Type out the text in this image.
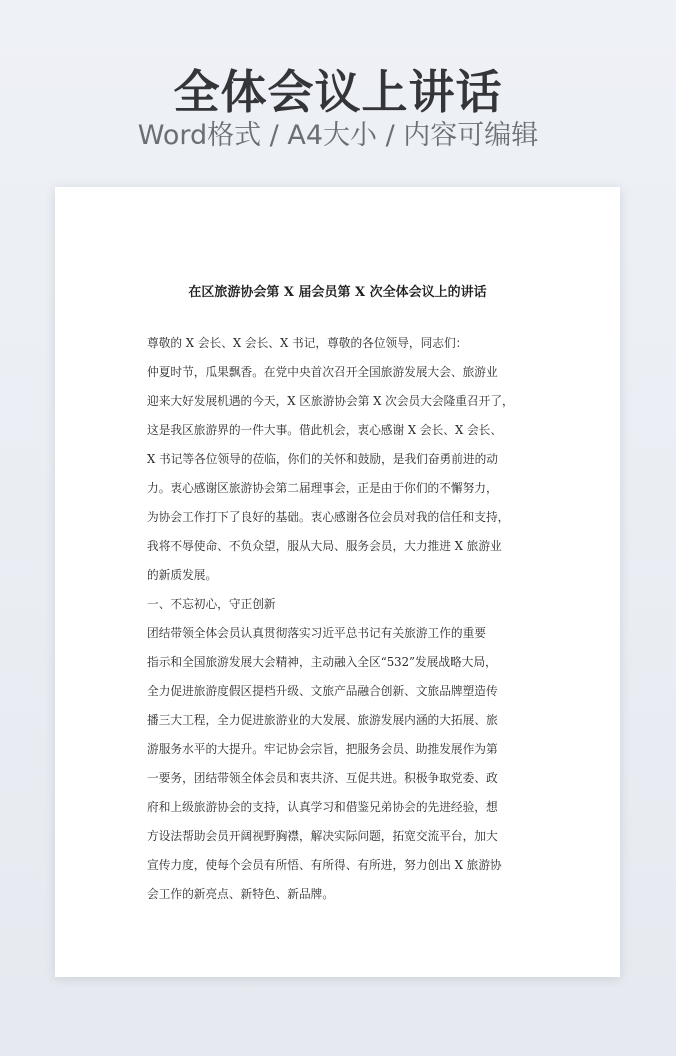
全体会议上讲话
Word格式 / A4大小 / 内容可编辑
在区旅游协会第 X 届会员第 X 次全体会议上的讲话
尊敬的 X 会长、X 会长、X 书记，尊敬的各位领导，同志们：
仲夏时节，瓜果飘香。在党中央首次召开全国旅游发展大会、旅游业
迎来大好发展机遇的今天，X 区旅游协会第 X 次会员大会隆重召开了，
这是我区旅游界的一件大事。借此机会，衷心感谢 X 会长、X 会长、
X 书记等各位领导的莅临，你们的关怀和鼓励，是我们奋勇前进的动
力。衷心感谢区旅游协会第二届理事会，正是由于你们的不懈努力，
为协会工作打下了良好的基础。衷心感谢各位会员对我的信任和支持，
我将不辱使命、不负众望，服从大局、服务会员，大力推进 X 旅游业
的新质发展。
一、不忘初心，守正创新
团结带领全体会员认真贯彻落实习近平总书记有关旅游工作的重要
指示和全国旅游发展大会精神，主动融入全区“532”发展战略大局，
全力促进旅游度假区提档升级、文旅产品融合创新、文旅品牌塑造传
播三大工程，全力促进旅游业的大发展、旅游发展内涵的大拓展、旅
游服务水平的大提升。牢记协会宗旨，把服务会员、助推发展作为第
一要务，团结带领全体会员和衷共济、互促共进。积极争取党委、政
府和上级旅游协会的支持，认真学习和借鉴兄弟协会的先进经验，想
方设法帮助会员开阔视野胸襟，解决实际问题，拓宽交流平台，加大
宣传力度，使每个会员有所悟、有所得、有所进，努力创出 X 旅游协
会工作的新亮点、新特色、新品牌。
